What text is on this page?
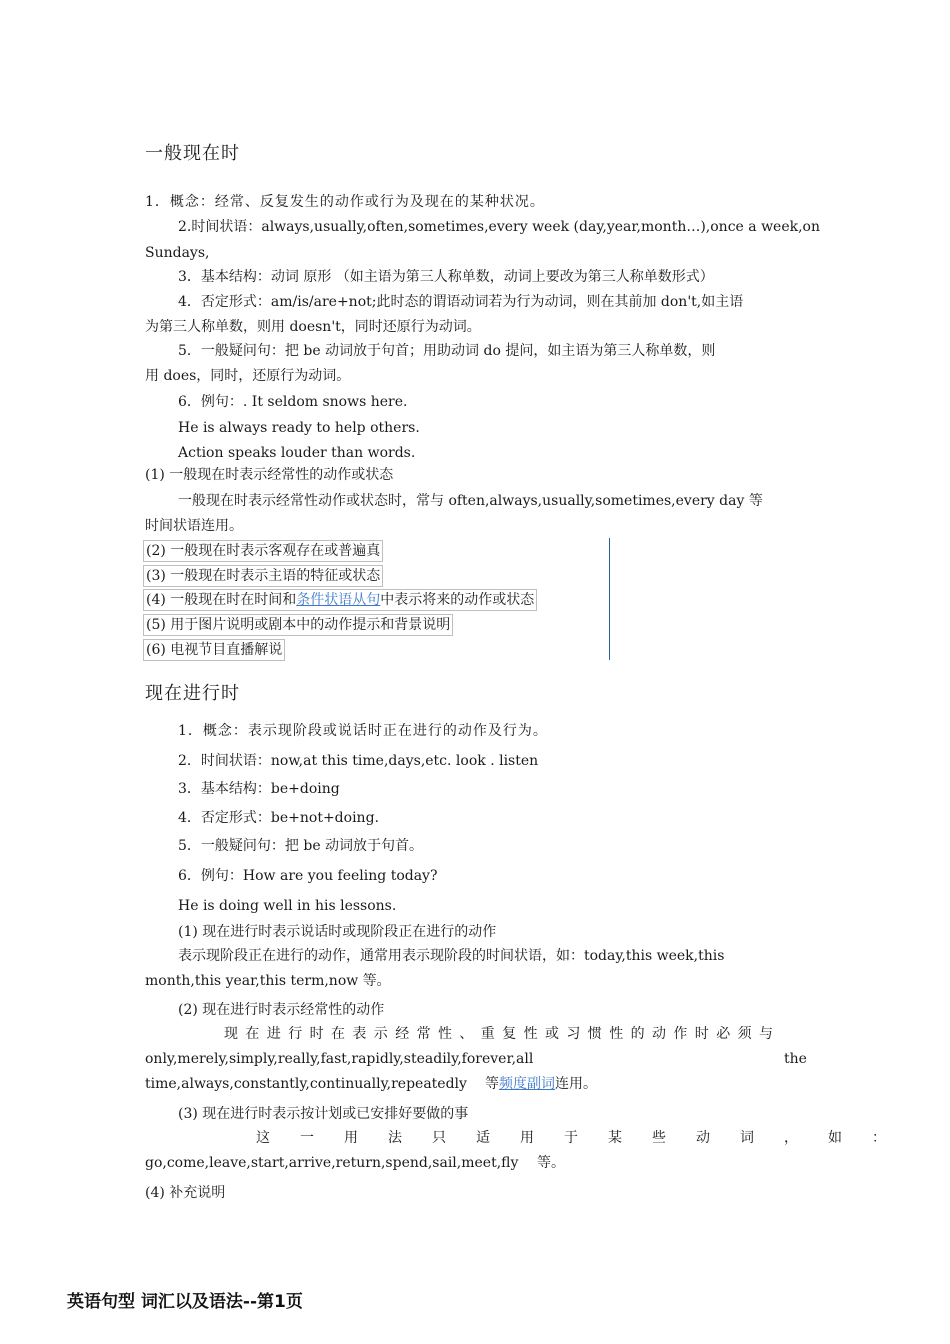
一般现在时
1．概念：经常、反复发生的动作或行为及现在的某种状况。
2.时间状语：always,usually,often,sometimes,every week (day,year,month…),once a week,on
Sundays,
3．基本结构：动词 原形 （如主语为第三人称单数，动词上要改为第三人称单数形式）
4．否定形式：am/is/are+not;此时态的谓语动词若为行为动词，则在其前加 don't,如主语
为第三人称单数，则用 doesn't，同时还原行为动词。
5．一般疑问句：把 be 动词放于句首；用助动词 do 提问，如主语为第三人称单数，则
用 does，同时，还原行为动词。
6．例句：. It seldom snows here.
He is always ready to help others.
Action speaks louder than words.
(1) 一般现在时表示经常性的动作或状态
一般现在时表示经常性动作或状态时，常与 often,always,usually,sometimes,every day 等
时间状语连用。
(2) 一般现在时表示客观存在或普遍真
(3) 一般现在时表示主语的特征或状态
(4) 一般现在时在时间和条件状语从句中表示将来的动作或状态
(5) 用于图片说明或剧本中的动作提示和背景说明
(6) 电视节目直播解说
现在进行时
1．概念：表示现阶段或说话时正在进行的动作及行为。
2．时间状语：now,at this time,days,etc. look . listen
3．基本结构：be+doing
4．否定形式：be+not+doing.
5．一般疑问句：把 be 动词放于句首。
6．例句：How are you feeling today?
He is doing well in his lessons.
(1) 现在进行时表示说话时或现阶段正在进行的动作
表示现阶段正在进行的动作，通常用表示现阶段的时间状语，如：today,this week,this
month,this year,this term,now 等。
(2) 现在进行时表示经常性的动作
现在进行时在表示经常性、重复性或习惯性的动作时必须与
only,merely,simply,really,fast,rapidly,steadily,forever,all	the
time,always,constantly,continually,repeatedly 等频度副词连用。
(3) 现在进行时表示按计划或已安排好要做的事
这一用法只适用于某些动词，如：
go,come,leave,start,arrive,return,spend,sail,meet,fly 等。
(4) 补充说明
英语句型 词汇以及语法--第1页
